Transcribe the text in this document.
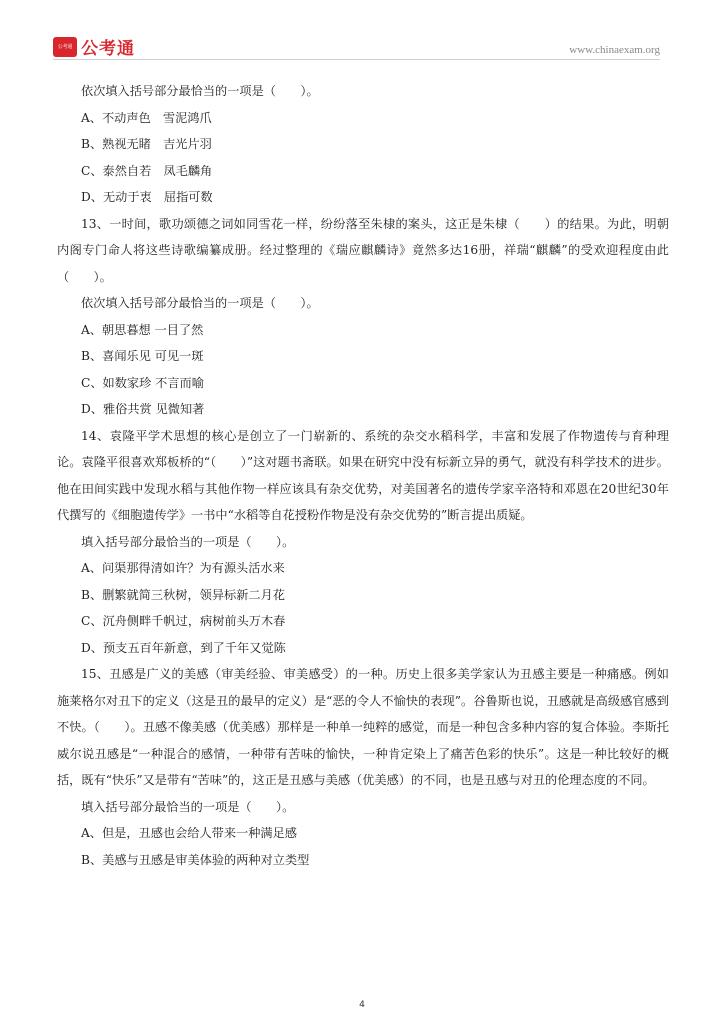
公考通 公考通	www.chinaexam.org

依次填入括号部分最恰当的一项是（　　）。

A、不动声色　雪泥鸿爪

B、熟视无睹　吉光片羽

C、泰然自若　凤毛麟角

D、无动于衷　屈指可数

13、一时间，歌功颂德之词如同雪花一样，纷纷落至朱棣的案头，这正是朱棣（　　）的结果。为此，明朝内阁专门命人将这些诗歌编纂成册。经过整理的《瑞应麒麟诗》竟然多达16册，祥瑞“麒麟”的受欢迎程度由此（　　）。

依次填入括号部分最恰当的一项是（　　）。

A、朝思暮想 一目了然

B、喜闻乐见 可见一斑

C、如数家珍 不言而喻

D、雅俗共赏 见微知著

14、袁隆平学术思想的核心是创立了一门崭新的、系统的杂交水稻科学，丰富和发展了作物遗传与育种理论。袁隆平很喜欢郑板桥的“（　　）”这对题书斋联。如果在研究中没有标新立异的勇气，就没有科学技术的进步。他在田间实践中发现水稻与其他作物一样应该具有杂交优势，对美国著名的遗传学家辛洛特和邓恩在20世纪30年代撰写的《细胞遗传学》一书中“水稻等自花授粉作物是没有杂交优势的”断言提出质疑。

填入括号部分最恰当的一项是（　　）。

A、问渠那得清如许？为有源头活水来

B、删繁就简三秋树，领异标新二月花

C、沉舟侧畔千帆过，病树前头万木春

D、预支五百年新意，到了千年又觉陈

15、丑感是广义的美感（审美经验、审美感受）的一种。历史上很多美学家认为丑感主要是一种痛感。例如施莱格尔对丑下的定义（这是丑的最早的定义）是“恶的令人不愉快的表现”。谷鲁斯也说，丑感就是高级感官感到不快。（　　）。丑感不像美感（优美感）那样是一种单一纯粹的感觉，而是一种包含多种内容的复合体验。李斯托威尔说丑感是“一种混合的感情，一种带有苦味的愉快，一种肯定染上了痛苦色彩的快乐”。这是一种比较好的概括，既有“快乐”又是带有“苦味”的，这正是丑感与美感（优美感）的不同，也是丑感与对丑的伦理态度的不同。

填入括号部分最恰当的一项是（　　）。

A、但是，丑感也会给人带来一种满足感

B、美感与丑感是审美体验的两种对立类型

4
